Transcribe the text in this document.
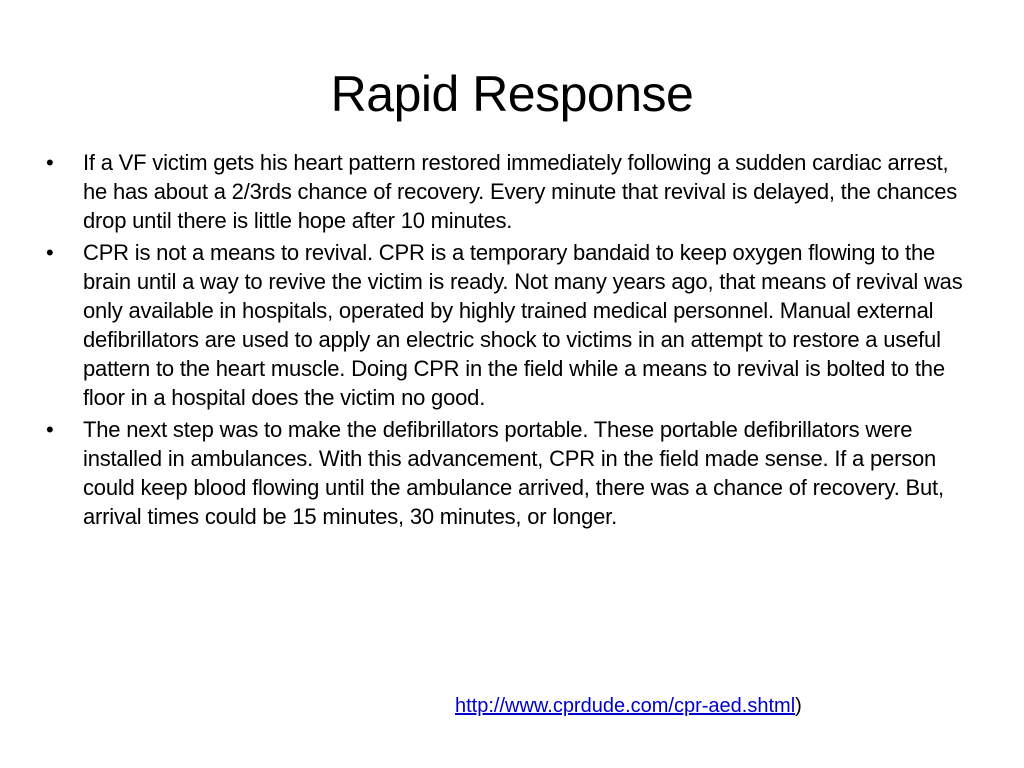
Rapid Response
•	If a VF victim gets his heart pattern restored immediately following a sudden cardiac arrest, he has about a 2/3rds chance of recovery. Every minute that revival is delayed, the chances drop until there is little hope after 10 minutes.
•	CPR is not a means to revival. CPR is a temporary bandaid to keep oxygen flowing to the brain until a way to revive the victim is ready. Not many years ago, that means of revival was only available in hospitals, operated by highly trained medical personnel. Manual external defibrillators are used to apply an electric shock to victims in an attempt to restore a useful pattern to the heart muscle. Doing CPR in the field while a means to revival is bolted to the floor in a hospital does the victim no good.
•	The next step was to make the defibrillators portable. These portable defibrillators were installed in ambulances. With this advancement, CPR in the field made sense. If a person could keep blood flowing until the ambulance arrived, there was a chance of recovery. But, arrival times could be 15 minutes, 30 minutes, or longer.
http://www.cprdude.com/cpr-aed.shtml)
